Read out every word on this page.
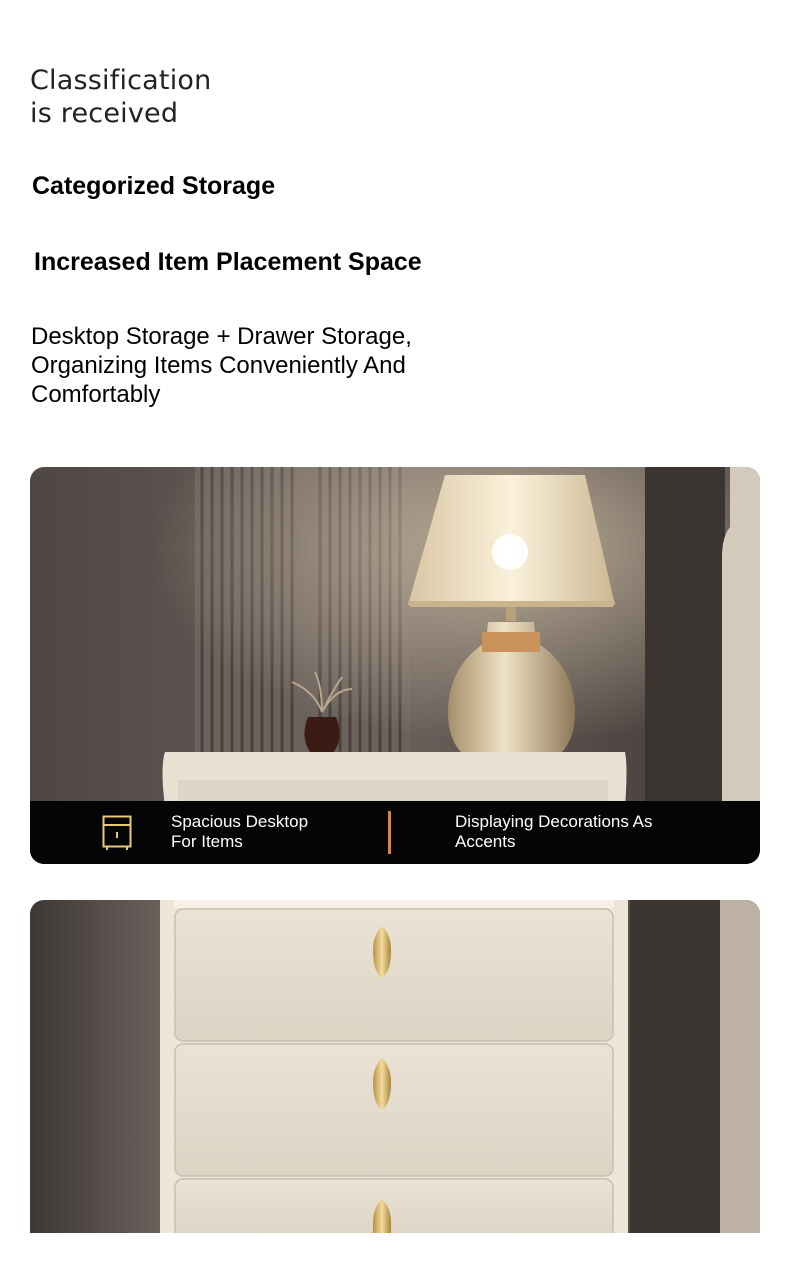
Classification
is received
Categorized Storage
Increased Item Placement Space

Desktop Storage + Drawer Storage,
Organizing Items Conveniently And
Comfortably

Spacious Desktop
For Items
Displaying Decorations As
Accents
